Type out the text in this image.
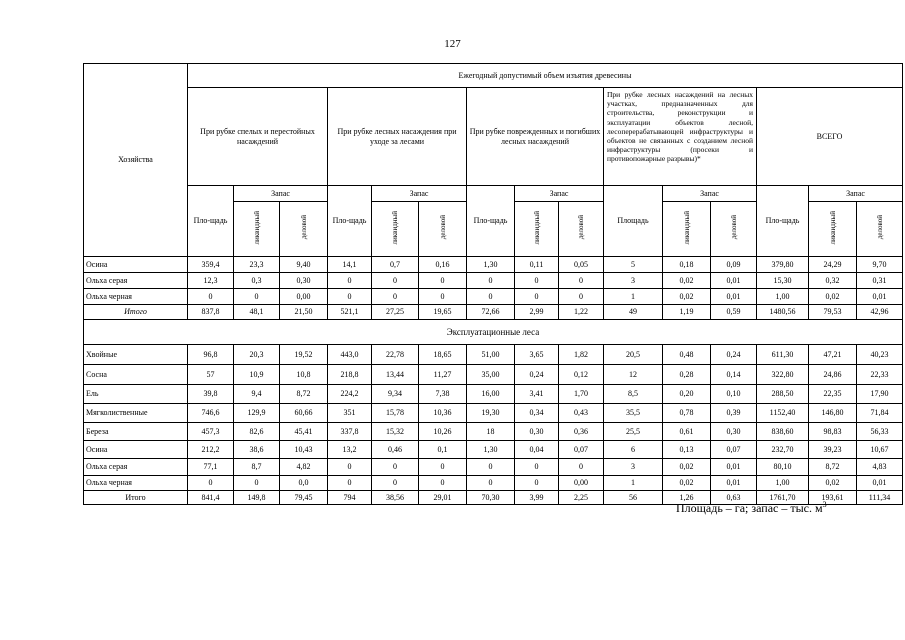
127
Хозяйства	Ежегодный допустимый объем изъятия древесины														
	При рубке спелых и перестойных насаждений			При рубке лесных насаждения при уходе за лесами			При рубке поврежденных и погибших лесных насаждений			При рубке лесных насаждений на лесных участках, предназначенных для строительства, реконструкции и эксплуатации объектов лесной, лесоперерабатывающей инфраструктуры и объектов не связанных с созданием лесной инфраструктуры (просеки и противопожарные разрывы)*			ВСЕГО		
	Пло-щадь	Запас		Пло-щадь	Запас		Пло-щадь	Запас		Площадь	Запас		Пло-щадь	Запас	
		ликвидный	деловой		ликвидный	деловой		ликвидный	деловой		ликвидный	деловой		ликвидный	деловой
Осина	359,4	23,3	9,40	14,1	0,7	0,16	1,30	0,11	0,05	5	0,18	0,09	379,80	24,29	9,70
Ольха серая	12,3	0,3	0,30	0	0	0	0	0	0	3	0,02	0,01	15,30	0,32	0,31
Ольха черная	0	0	0,00	0	0	0	0	0	0	1	0,02	0,01	1,00	0,02	0,01
Итого	837,8	48,1	21,50	521,1	27,25	19,65	72,66	2,99	1,22	49	1,19	0,59	1480,56	79,53	42,96
Эксплуатационные леса															
Хвойные	96,8	20,3	19,52	443,0	22,78	18,65	51,00	3,65	1,82	20,5	0,48	0,24	611,30	47,21	40,23
Сосна	57	10,9	10,8	218,8	13,44	11,27	35,00	0,24	0,12	12	0,28	0,14	322,80	24,86	22,33
Ель	39,8	9,4	8,72	224,2	9,34	7,38	16,00	3,41	1,70	8,5	0,20	0,10	288,50	22,35	17,90
Мягколиственные	746,6	129,9	60,66	351	15,78	10,36	19,30	0,34	0,43	35,5	0,78	0,39	1152,40	146,80	71,84
Береза	457,3	82,6	45,41	337,8	15,32	10,26	18	0,30	0,36	25,5	0,61	0,30	838,60	98,83	56,33
Осина	212,2	38,6	10,43	13,2	0,46	0,1	1,30	0,04	0,07	6	0,13	0,07	232,70	39,23	10,67
Ольха серая	77,1	8,7	4,82	0	0	0	0	0	0	3	0,02	0,01	80,10	8,72	4,83
Ольха черная	0	0	0,0	0	0	0	0	0	0,00	1	0,02	0,01	1,00	0,02	0,01
Итого	841,4	149,8	79,45	794	38,56	29,01	70,30	3,99	2,25	56	1,26	0,63	1761,70	193,61	111,34
Площадь – га; запас – тыс. $м^3$
